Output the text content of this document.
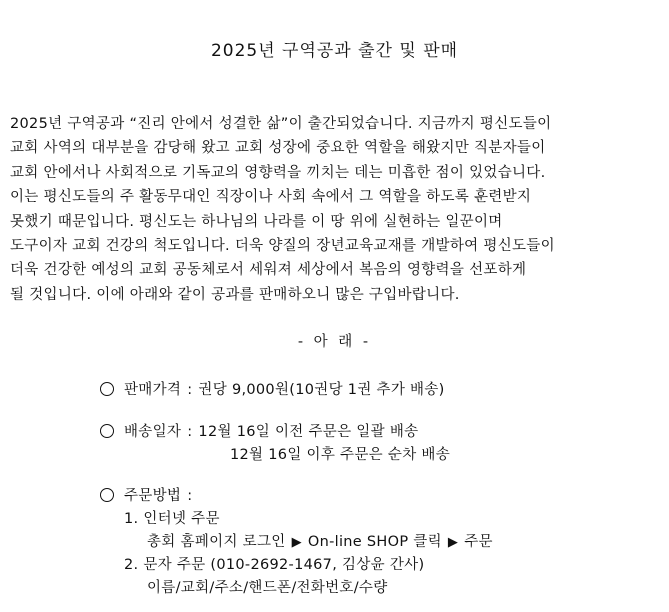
2025년 구역공과 출간 및 판매
2025년 구역공과 “진리 안에서 성결한 삶”이 출간되었습니다. 지금까지 평신도들이
교회 사역의 대부분을 감당해 왔고 교회 성장에 중요한 역할을 해왔지만 직분자들이
교회 안에서나 사회적으로 기독교의 영향력을 끼치는 데는 미흡한 점이 있었습니다.
이는 평신도들의 주 활동무대인 직장이나 사회 속에서 그 역할을 하도록 훈련받지
못했기 때문입니다. 평신도는 하나님의 나라를 이 땅 위에 실현하는 일꾼이며
도구이자 교회 건강의 척도입니다. 더욱 양질의 장년교육교재를 개발하여 평신도들이
더욱 건강한 예성의 교회 공동체로서 세워져 세상에서 복음의 영향력을 선포하게
될 것입니다. 이에 아래와 같이 공과를 판매하오니 많은 구입바랍니다.
- 아 래 -
판매가격 : 권당 9,000원(10권당 1권 추가 배송)
배송일자 : 12월 16일 이전 주문은 일괄 배송
12월 16일 이후 주문은 순차 배송
주문방법 :
1. 인터넷 주문
총회 홈페이지 로그인 ▶ On-line SHOP 클릭 ▶ 주문
2. 문자 주문 (010-2692-1467, 김상윤 간사)
이름/교회/주소/핸드폰/전화번호/수량
